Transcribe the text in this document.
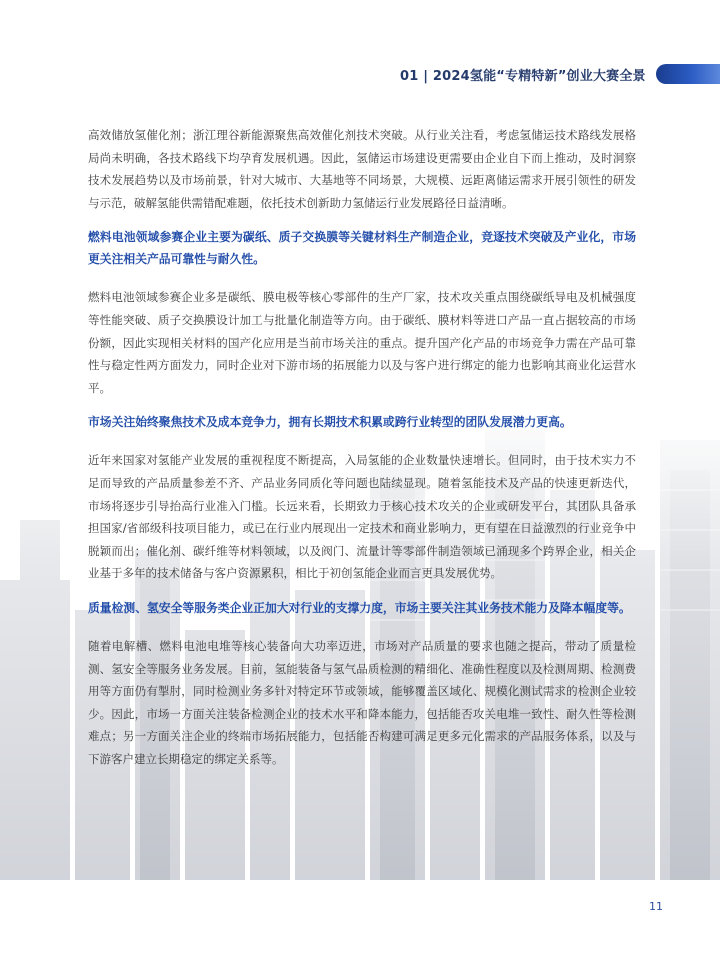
01 | 2024氢能“专精特新”创业大赛全景

高效储放氢催化剂；浙江理谷新能源聚焦高效催化剂技术突破。从行业关注看，考虑氢储运技术路线发展格局尚未明确，各技术路线下均孕育发展机遇。因此，氢储运市场建设更需要由企业自下而上推动，及时洞察技术发展趋势以及市场前景，针对大城市、大基地等不同场景，大规模、远距离储运需求开展引领性的研发与示范，破解氢能供需错配难题，依托技术创新助力氢储运行业发展路径日益清晰。

燃料电池领域参赛企业主要为碳纸、质子交换膜等关键材料生产制造企业，竞逐技术突破及产业化，市场更关注相关产品可靠性与耐久性。

燃料电池领域参赛企业多是碳纸、膜电极等核心零部件的生产厂家，技术攻关重点围绕碳纸导电及机械强度等性能突破、质子交换膜设计加工与批量化制造等方向。由于碳纸、膜材料等进口产品一直占据较高的市场份额，因此实现相关材料的国产化应用是当前市场关注的重点。提升国产化产品的市场竞争力需在产品可靠性与稳定性两方面发力，同时企业对下游市场的拓展能力以及与客户进行绑定的能力也影响其商业化运营水平。

市场关注始终聚焦技术及成本竞争力，拥有长期技术积累或跨行业转型的团队发展潜力更高。

近年来国家对氢能产业发展的重视程度不断提高，入局氢能的企业数量快速增长。但同时，由于技术实力不足而导致的产品质量参差不齐、产品业务同质化等问题也陆续显现。随着氢能技术及产品的快速更新迭代，市场将逐步引导抬高行业准入门槛。长远来看，长期致力于核心技术攻关的企业或研发平台，其团队具备承担国家/省部级科技项目能力，或已在行业内展现出一定技术和商业影响力，更有望在日益激烈的行业竞争中脱颖而出；催化剂、碳纤维等材料领域，以及阀门、流量计等零部件制造领域已涌现多个跨界企业，相关企业基于多年的技术储备与客户资源累积，相比于初创氢能企业而言更具发展优势。

质量检测、氢安全等服务类企业正加大对行业的支撑力度，市场主要关注其业务技术能力及降本幅度等。

随着电解槽、燃料电池电堆等核心装备向大功率迈进，市场对产品质量的要求也随之提高，带动了质量检测、氢安全等服务业务发展。目前，氢能装备与氢气品质检测的精细化、准确性程度以及检测周期、检测费用等方面仍有掣肘，同时检测业务多针对特定环节或领域，能够覆盖区域化、规模化测试需求的检测企业较少。因此，市场一方面关注装备检测企业的技术水平和降本能力，包括能否攻关电堆一致性、耐久性等检测难点；另一方面关注企业的终端市场拓展能力，包括能否构建可满足更多元化需求的产品服务体系，以及与下游客户建立长期稳定的绑定关系等。

11
